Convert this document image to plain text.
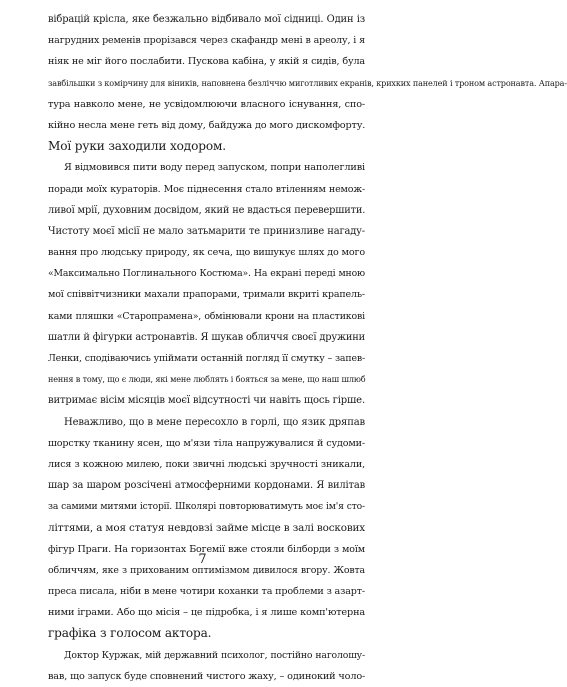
вібрацій крісла, яке безжально відбивало мої сідниці. Один із
нагрудних ременів прорізався через скафандр мені в ареолу, і я
ніяк не міг його послабити. Пускова кабіна, у якій я сидів, була
завбільшки з комірчину для віників, наповнена безліччю миготливих екранів, крихких панелей і троном астронавта. Апара-
тура навколо мене, не усвідомлюючи власного існування, спо-
кійно несла мене геть від дому, байдужа до мого дискомфорту.
Мої руки заходили ходором.
Я відмовився пити воду перед запуском, попри наполегливі
поради моїх кураторів. Моє піднесення стало втіленням немож-
ливої мрії, духовним досвідом, який не вдасться перевершити.
Чистоту моєї місії не мало затьмарити те принизливе нагаду-
вання про людську природу, як сеча, що вишукує шлях до мого
«Максимально Поглинального Костюма». На екрані переді мною
мої співвітчизники махали прапорами, тримали вкриті крапель-
ками пляшки «Старопрамена», обмінювали крони на пластикові
шатли й фігурки астронавтів. Я шукав обличчя своєї дружини
Ленки, сподіваючись упіймати останній погляд її смутку – запев-
нення в тому, що є люди, які мене люблять і бояться за мене, що наш шлюб
витримає вісім місяців моєї відсутності чи навіть щось гірше.
Неважливо, що в мене пересохло в горлі, що язик дряпав
шорстку тканину ясен, що м'язи тіла напружувалися й судоми-
лися з кожною милею, поки звичні людські зручності зникали,
шар за шаром розсічені атмосферними кордонами. Я вилітав
за самими митями історії. Школярі повторюватимуть моє ім'я сто-
літтями, а моя статуя невдовзі займе місце в залі воскових
фігур Праги. На горизонтах Богемії вже стояли білборди з моїм
обличчям, яке з прихованим оптимізмом дивилося вгору. Жовта
преса писала, ніби в мене чотири коханки та проблеми з азарт-
ними іграми. Або що місія – це підробка, і я лише комп'ютерна
графіка з голосом актора.
Доктор Куржак, мій державний психолог, постійно наголошу-
вав, що запуск буде сповнений чистого жаху, – одинокий чоло-
7
